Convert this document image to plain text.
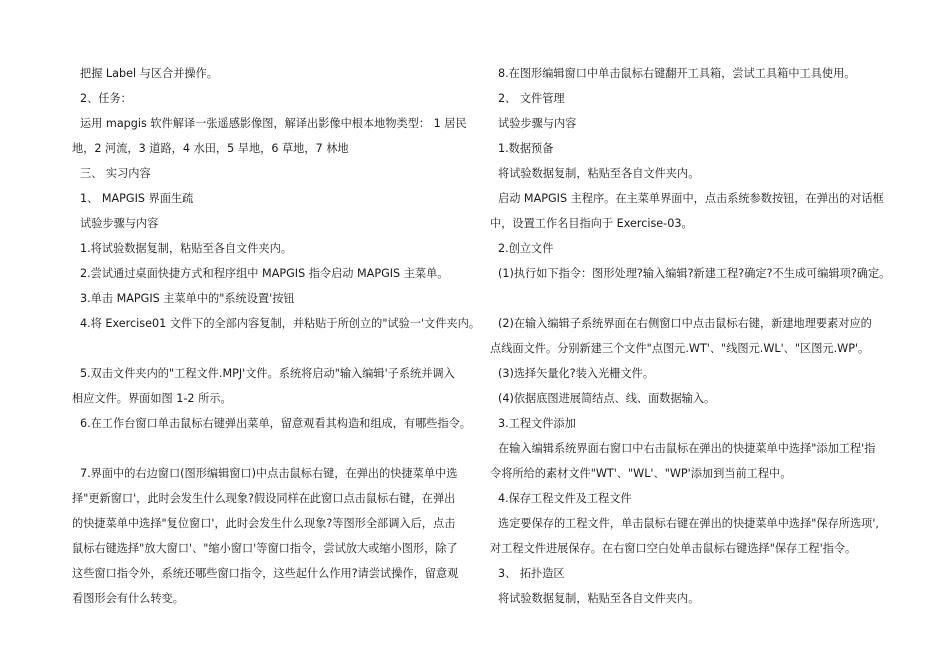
把握 Label 与区合并操作。
2、任务：
运用 mapgis 软件解译一张遥感影像图，解译出影像中根本地物类型： 1 居民
地，2 河流，3 道路，4 水田，5 旱地，6 草地，7 林地
三、 实习内容
1、 MAPGIS 界面生疏
试验步骤与内容
1.将试验数据复制，粘贴至各自文件夹内。
2.尝试通过桌面快捷方式和程序组中 MAPGIS 指令启动 MAPGIS 主菜单。
3.单击 MAPGIS 主菜单中的"系统设置'按钮
4.将 Exercise01 文件下的全部内容复制，并粘贴于所创立的"试验一'文件夹内。
5.双击文件夹内的"工程文件.MPJ'文件。系统将启动"输入编辑'子系统并调入
相应文件。界面如图 1-2 所示。
6.在工作台窗口单击鼠标右键弹出菜单，留意观看其构造和组成，有哪些指令。
7.界面中的右边窗口(图形编辑窗口)中点击鼠标右键，在弹出的快捷菜单中选
择"更新窗口'，此时会发生什么现象?假设同样在此窗口点击鼠标右键，在弹出
的快捷菜单中选择"复位窗口'，此时会发生什么现象?等图形全部调入后，点击
鼠标右键选择"放大窗口'、"缩小窗口'等窗口指令，尝试放大或缩小图形，除了
这些窗口指令外，系统还哪些窗口指令，这些起什么作用?请尝试操作，留意观
看图形会有什么转变。
8.在图形编辑窗口中单击鼠标右键翻开工具箱，尝试工具箱中工具使用。
2、 文件管理
试验步骤与内容
1.数据预备
将试验数据复制，粘贴至各自文件夹内。
启动 MAPGIS 主程序。在主菜单界面中，点击系统参数按钮，在弹出的对话框
中，设置工作名目指向于 Exercise-03。
2.创立文件
(1)执行如下指令：图形处理?输入编辑?新建工程?确定?不生成可编辑项?确定。
(2)在输入编辑子系统界面在右侧窗口中点击鼠标右键，新建地理要素对应的
点线面文件。分别新建三个文件"点图元.WT'、"线图元.WL'、"区图元.WP'。
(3)选择矢量化?装入光栅文件。
(4)依据底图进展简结点、线、面数据输入。
3.工程文件添加
在输入编辑系统界面右窗口中右击鼠标在弹出的快捷菜单中选择"添加工程'指
令将所给的素材文件"WT'、"WL'、"WP'添加到当前工程中。
4.保存工程文件及工程文件
选定要保存的工程文件，单击鼠标右键在弹出的快捷菜单中选择"保存所选项',
对工程文件进展保存。在右窗口空白处单击鼠标右键选择"保存工程'指令。
3、 拓扑造区
将试验数据复制，粘贴至各自文件夹内。
